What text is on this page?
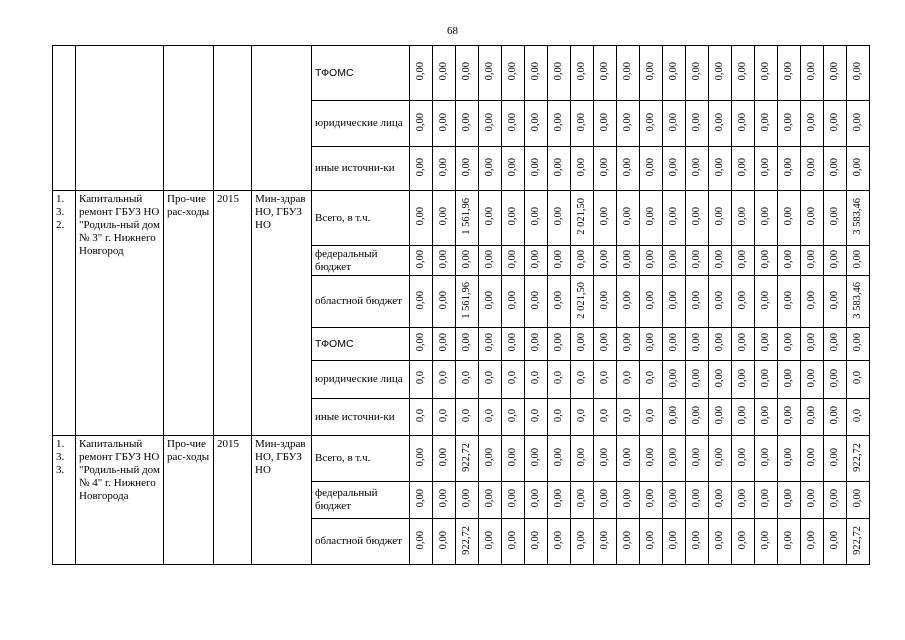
68
					ТФОМС	0,00	0,00	0,00	0,00	0,00	0,00	0,00	0,00	0,00	0,00	0,00	0,00	0,00	0,00	0,00	0,00	0,00	0,00	0,00	0,00
					юридические лица	0,00	0,00	0,00	0,00	0,00	0,00	0,00	0,00	0,00	0,00	0,00	0,00	0,00	0,00	0,00	0,00	0,00	0,00	0,00	0,00
					иные источни-ки	0,00	0,00	0,00	0,00	0,00	0,00	0,00	0,00	0,00	0,00	0,00	0,00	0,00	0,00	0,00	0,00	0,00	0,00	0,00	0,00
1.
3.
2.	Капитальный ремонт ГБУЗ НО "Родиль-ный дом № 3" г. Нижнего Новгород	Про-чие рас-ходы	2015	Мин-здрав НО, ГБУЗ НО	Всего, в т.ч.	0,00	0,00	1 561,96	0,00	0,00	0,00	0,00	2 021,50	0,00	0,00	0,00	0,00	0,00	0,00	0,00	0,00	0,00	0,00	0,00	3 583,46
					федеральный бюджет	0,00	0,00	0,00	0,00	0,00	0,00	0,00	0,00	0,00	0,00	0,00	0,00	0,00	0,00	0,00	0,00	0,00	0,00	0,00	0,00
					областной бюджет	0,00	0,00	1 561,96	0,00	0,00	0,00	0,00	2 021,50	0,00	0,00	0,00	0,00	0,00	0,00	0,00	0,00	0,00	0,00	0,00	3 583,46
					ТФОМС	0,00	0,00	0,00	0,00	0,00	0,00	0,00	0,00	0,00	0,00	0,00	0,00	0,00	0,00	0,00	0,00	0,00	0,00	0,00	0,00
					юридические лица	0,0	0,0	0,0	0,0	0,0	0,0	0,0	0,0	0,0	0,0	0,0	0,00	0,00	0,00	0,00	0,00	0,00	0,00	0,00	0,0
					иные источни-ки	0,0	0,0	0,0	0,0	0,0	0,0	0,0	0,0	0,0	0,0	0,0	0,00	0,00	0,00	0,00	0,00	0,00	0,00	0,00	0,0
1.
3.
3.	Капитальный ремонт ГБУЗ НО "Родиль-ный дом № 4" г. Нижнего Новгорода	Про-чие рас-ходы	2015	Мин-здрав НО, ГБУЗ НО	Всего, в т.ч.	0,00	0,00	922,72	0,00	0,00	0,00	0,00	0,00	0,00	0,00	0,00	0,00	0,00	0,00	0,00	0,00	0,00	0,00	0,00	922,72
					федеральный бюджет	0,00	0,00	0,00	0,00	0,00	0,00	0,00	0,00	0,00	0,00	0,00	0,00	0,00	0,00	0,00	0,00	0,00	0,00	0,00	0,00
					областной бюджет	0,00	0,00	922,72	0,00	0,00	0,00	0,00	0,00	0,00	0,00	0,00	0,00	0,00	0,00	0,00	0,00	0,00	0,00	0,00	922,72
